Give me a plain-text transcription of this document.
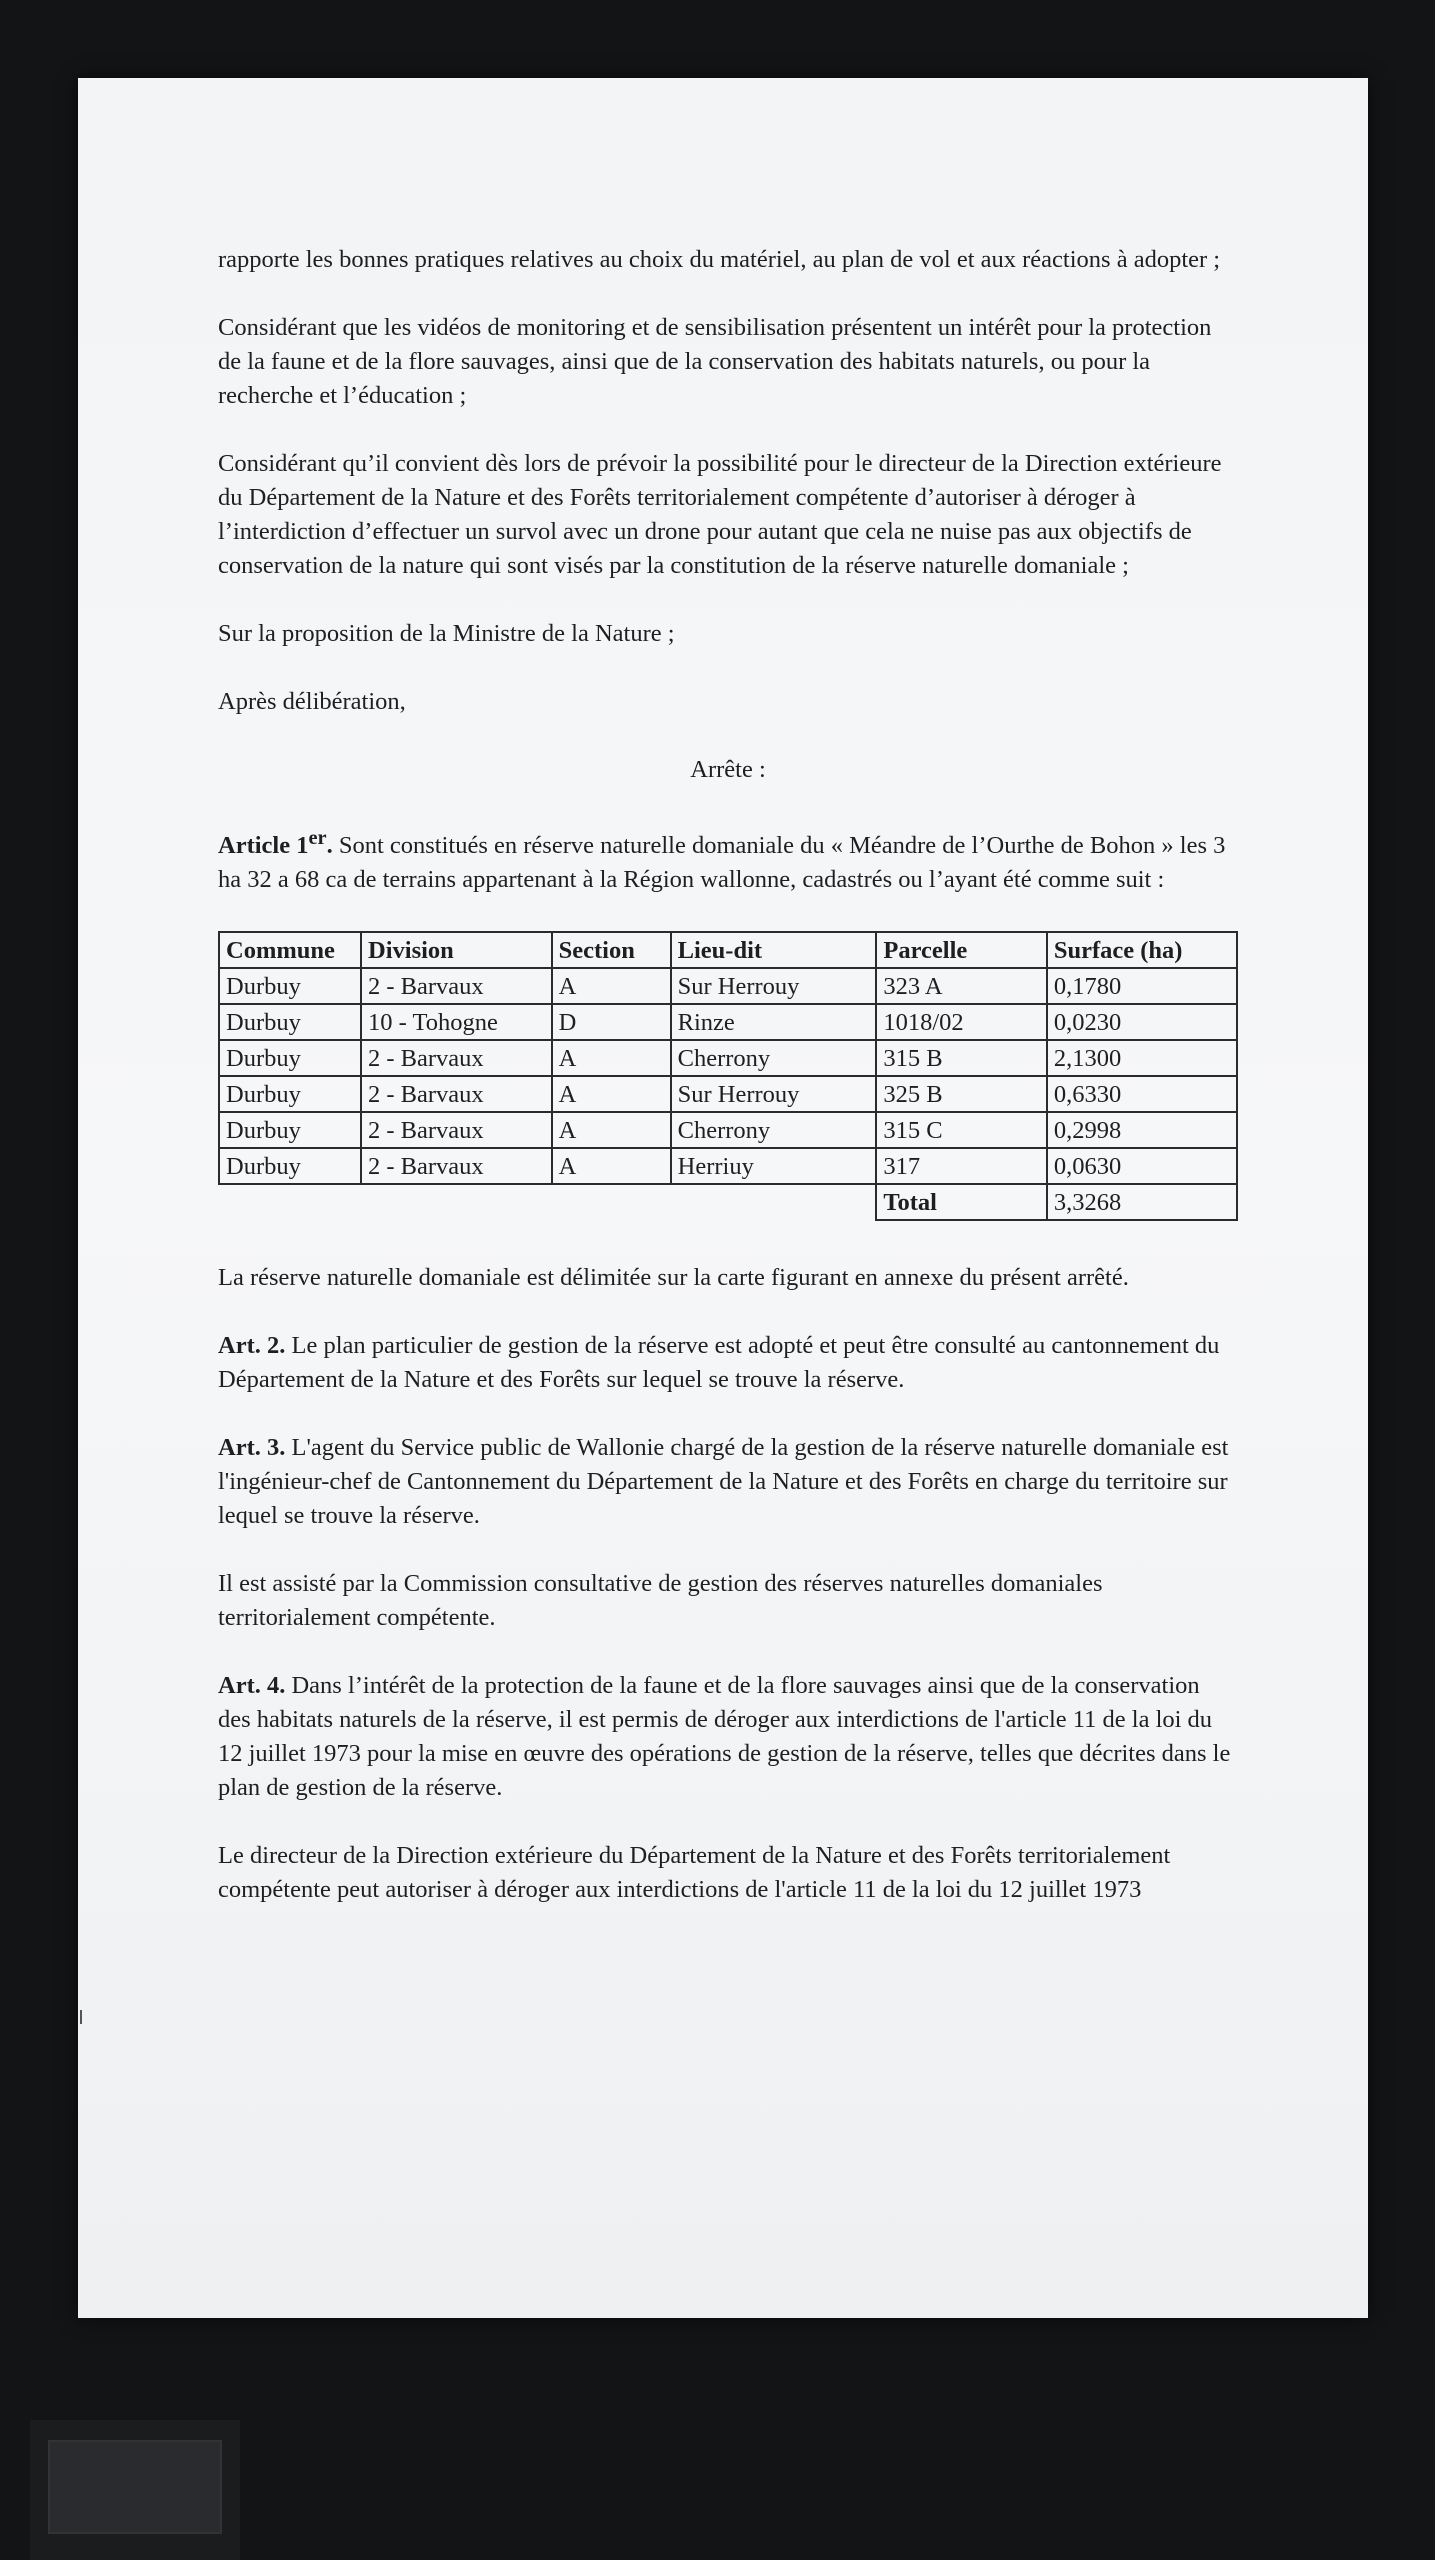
rapporte les bonnes pratiques relatives au choix du matériel, au plan de vol et aux réactions à adopter ;

Considérant que les vidéos de monitoring et de sensibilisation présentent un intérêt pour la protection de la faune et de la flore sauvages, ainsi que de la conservation des habitats naturels, ou pour la recherche et l’éducation ;

Considérant qu’il convient dès lors de prévoir la possibilité pour le directeur de la Direction extérieure du Département de la Nature et des Forêts territorialement compétente d’autoriser à déroger à l’interdiction d’effectuer un survol avec un drone pour autant que cela ne nuise pas aux objectifs de conservation de la nature qui sont visés par la constitution de la réserve naturelle domaniale ;

Sur la proposition de la Ministre de la Nature ;

Après délibération,

Arrête :

Article 1er. Sont constitués en réserve naturelle domaniale du « Méandre de l’Ourthe de Bohon » les 3 ha 32 a 68 ca de terrains appartenant à la Région wallonne, cadastrés ou l’ayant été comme suit :

Commune	Division	Section	Lieu-dit	Parcelle	Surface (ha)
Durbuy	2 - Barvaux	A	Sur Herrouy	323 A	0,1780
Durbuy	10 - Tohogne	D	Rinze	1018/02	0,0230
Durbuy	2 - Barvaux	A	Cherrony	315 B	2,1300
Durbuy	2 - Barvaux	A	Sur Herrouy	325 B	0,6330
Durbuy	2 - Barvaux	A	Cherrony	315 C	0,2998
Durbuy	2 - Barvaux	A	Herriuy	317	0,0630
				Total	3,3268

La réserve naturelle domaniale est délimitée sur la carte figurant en annexe du présent arrêté.

Art. 2. Le plan particulier de gestion de la réserve est adopté et peut être consulté au cantonnement du Département de la Nature et des Forêts sur lequel se trouve la réserve.

Art. 3. L'agent du Service public de Wallonie chargé de la gestion de la réserve naturelle domaniale est l'ingénieur-chef de Cantonnement du Département de la Nature et des Forêts en charge du territoire sur lequel se trouve la réserve.

Il est assisté par la Commission consultative de gestion des réserves naturelles domaniales territorialement compétente.

Art. 4. Dans l’intérêt de la protection de la faune et de la flore sauvages ainsi que de la conservation des habitats naturels de la réserve, il est permis de déroger aux interdictions de l'article 11 de la loi du 12 juillet 1973 pour la mise en œuvre des opérations de gestion de la réserve, telles que décrites dans le plan de gestion de la réserve.

Le directeur de la Direction extérieure du Département de la Nature et des Forêts territorialement compétente peut autoriser à déroger aux interdictions de l'article 11 de la loi du 12 juillet 1973
